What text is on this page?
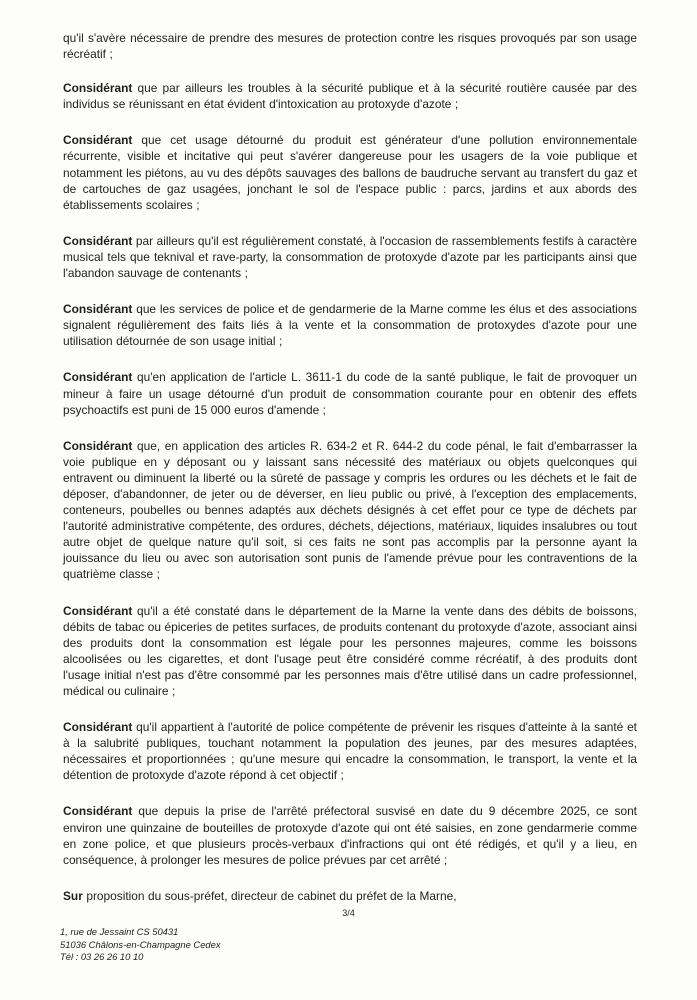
qu'il s'avère nécessaire de prendre des mesures de protection contre les risques provoqués par son usage récréatif ;

Considérant que par ailleurs les troubles à la sécurité publique et à la sécurité routière causée par des individus se réunissant en état évident d'intoxication au protoxyde d'azote ;

Considérant que cet usage détourné du produit est générateur d'une pollution environnementale récurrente, visible et incitative qui peut s'avérer dangereuse pour les usagers de la voie publique et notamment les piétons, au vu des dépôts sauvages des ballons de baudruche servant au transfert du gaz et de cartouches de gaz usagées, jonchant le sol de l'espace public : parcs, jardins et aux abords des établissements scolaires ;

Considérant par ailleurs qu'il est régulièrement constaté, à l'occasion de rassemblements festifs à caractère musical tels que teknival et rave-party, la consommation de protoxyde d'azote par les participants ainsi que l'abandon sauvage de contenants ;

Considérant que les services de police et de gendarmerie de la Marne comme les élus et des associations signalent régulièrement des faits liés à la vente et la consommation de protoxydes d'azote pour une utilisation détournée de son usage initial ;

Considérant qu'en application de l'article L. 3611-1 du code de la santé publique, le fait de provoquer un mineur à faire un usage détourné d'un produit de consommation courante pour en obtenir des effets psychoactifs est puni de 15 000 euros d'amende ;

Considérant que, en application des articles R. 634-2 et R. 644-2 du code pénal, le fait d'embarrasser la voie publique en y déposant ou y laissant sans nécessité des matériaux ou objets quelconques qui entravent ou diminuent la liberté ou la sûreté de passage y compris les ordures ou les déchets et le fait de déposer, d'abandonner, de jeter ou de déverser, en lieu public ou privé, à l'exception des emplacements, conteneurs, poubelles ou bennes adaptés aux déchets désignés à cet effet pour ce type de déchets par l'autorité administrative compétente, des ordures, déchets, déjections, matériaux, liquides insalubres ou tout autre objet de quelque nature qu'il soit, si ces faits ne sont pas accomplis par la personne ayant la jouissance du lieu ou avec son autorisation sont punis de l'amende prévue pour les contraventions de la quatrième classe ;

Considérant qu'il a été constaté dans le département de la Marne la vente dans des débits de boissons, débits de tabac ou épiceries de petites surfaces, de produits contenant du protoxyde d'azote, associant ainsi des produits dont la consommation est légale pour les personnes majeures, comme les boissons alcoolisées ou les cigarettes, et dont l'usage peut être considéré comme récréatif, à des produits dont l'usage initial n'est pas d'être consommé par les personnes mais d'être utilisé dans un cadre professionnel, médical ou culinaire ;

Considérant qu'il appartient à l'autorité de police compétente de prévenir les risques d'atteinte à la santé et à la salubrité publiques, touchant notamment la population des jeunes, par des mesures adaptées, nécessaires et proportionnées ; qu'une mesure qui encadre la consommation, le transport, la vente et la détention de protoxyde d'azote répond à cet objectif ;

Considérant que depuis la prise de l'arrêté préfectoral susvisé en date du 9 décembre 2025, ce sont environ une quinzaine de bouteilles de protoxyde d'azote qui ont été saisies, en zone gendarmerie comme en zone police, et que plusieurs procès-verbaux d'infractions qui ont été rédigés, et qu'il y a lieu, en conséquence, à prolonger les mesures de police prévues par cet arrêté ;

Sur proposition du sous-préfet, directeur de cabinet du préfet de la Marne,

3/4
1, rue de Jessaint CS 50431
51036 Châlons-en-Champagne Cedex
Tél : 03 26 26 10 10
